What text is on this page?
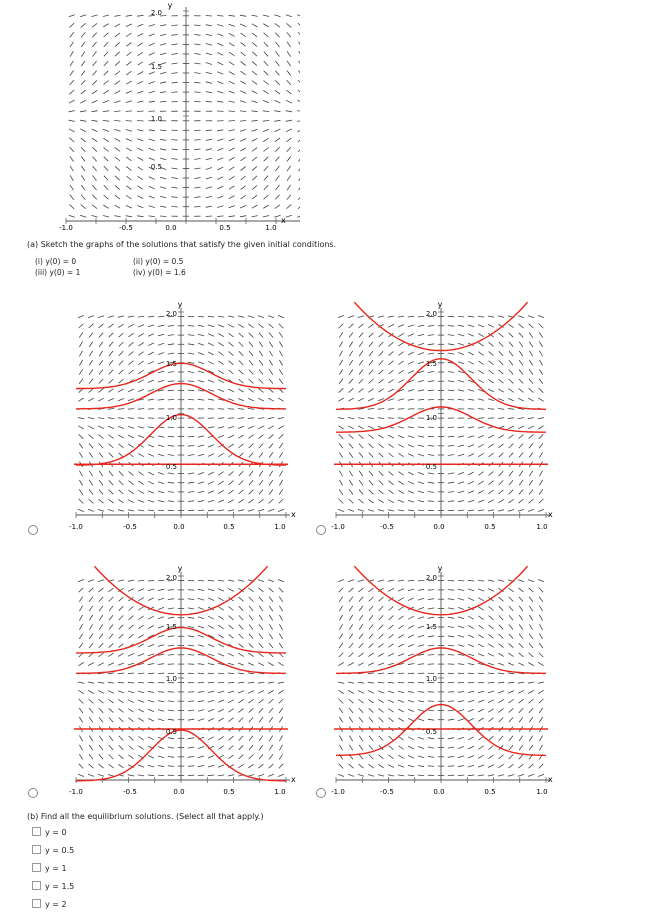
y
x
-1.0	-0.5	0.0	0.5	1.0
0.5
1.0
1.5
2.0
(a) Sketch the graphs of the solutions that satisfy the given initial conditions.
(i) y(0) = 0	(ii) y(0) = 0.5
(iii) y(0) = 1	(iv) y(0) = 1.6
y
x
-1.0	-0.5	0.0	0.5	1.0
0.5
1.0
1.5
2.0
y
x
-1.0	-0.5	0.0	0.5	1.0
0.5
1.0
1.5
2.0
y
x
-1.0	-0.5	0.0	0.5	1.0
0.5
1.0
1.5
2.0
y
x
-1.0	-0.5	0.0	0.5	1.0
0.5
1.0
1.5
2.0
(b) Find all the equilibrium solutions. (Select all that apply.)
y = 0
y = 0.5
y = 1
y = 1.5
y = 2
